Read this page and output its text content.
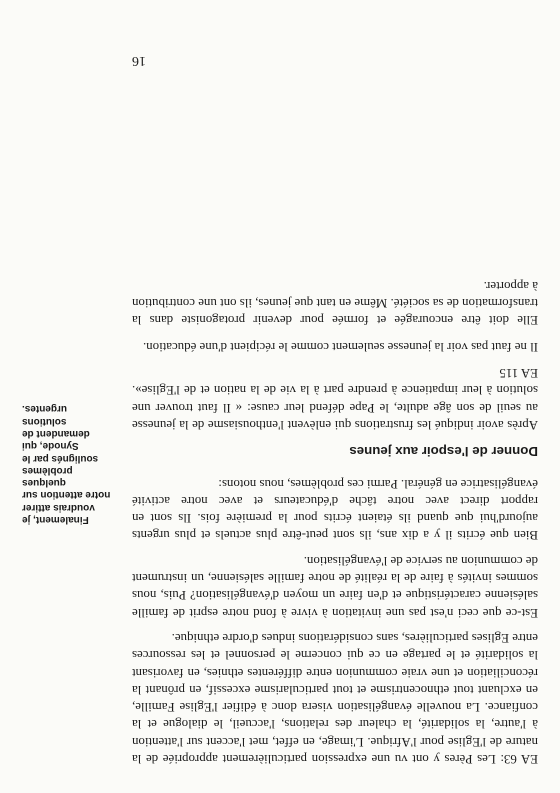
EA 63: Les Pères y ont vu une expression particulièrement appropriée de la nature de l'Eglise pour l'Afrique. L'image, en effet, met l'accent sur l'attention à l'autre, la solidarité, la chaleur des relations, l'accueil, le dialogue et la confiance. La nouvelle évangélisation visera donc à édifier l'Eglise Famille, en excluant tout ethnocentrisme et tout particularisme excessif, en prônant la réconciliation et une vraie communion entre différentes ethnies, en favorisant la solidarité et le partage en ce qui concerne le personnel et les ressources entre Eglises particulières, sans considérations indues d'ordre ethnique.

Est-ce que ceci n'est pas une invitation à vivre à fond notre esprit de famille salésienne caractéristique et d'en faire un moyen d'évangélisation? Puis, nous sommes invités à faire de la réalité de notre famille salésienne, un instrument de communion au service de l'évangélisation.

Bien que écrits il y a dix ans, ils sont peut-être plus actuels et plus urgents aujourd'hui que quand ils étaient écrits pour la première fois. Ils sont en rapport direct avec notre tâche d'éducateurs et avec notre activité évangélisatrice en général. Parmi ces problèmes, nous notons:

Donner de l'espoir aux jeunes

Après avoir indiqué les frustrations qui enlèvent l'enthousiasme de la jeunesse au seuil de son âge adulte, le Pape défend leur cause: « Il faut trouver une solution à leur impatience à prendre part à la vie de la nation et de l'Eglise». EA 115

Il ne faut pas voir la jeunesse seulement comme le récipient d'une éducation.

Elle doit être encouragée et formée pour devenir protagoniste dans la transformation de sa société. Même en tant que jeunes, ils ont une contribution à apporter.

Finalement, je voudrais attirer notre attention sur quelques problèmes soulignés par le Synode, qui demandent de solutions urgentes.
16
